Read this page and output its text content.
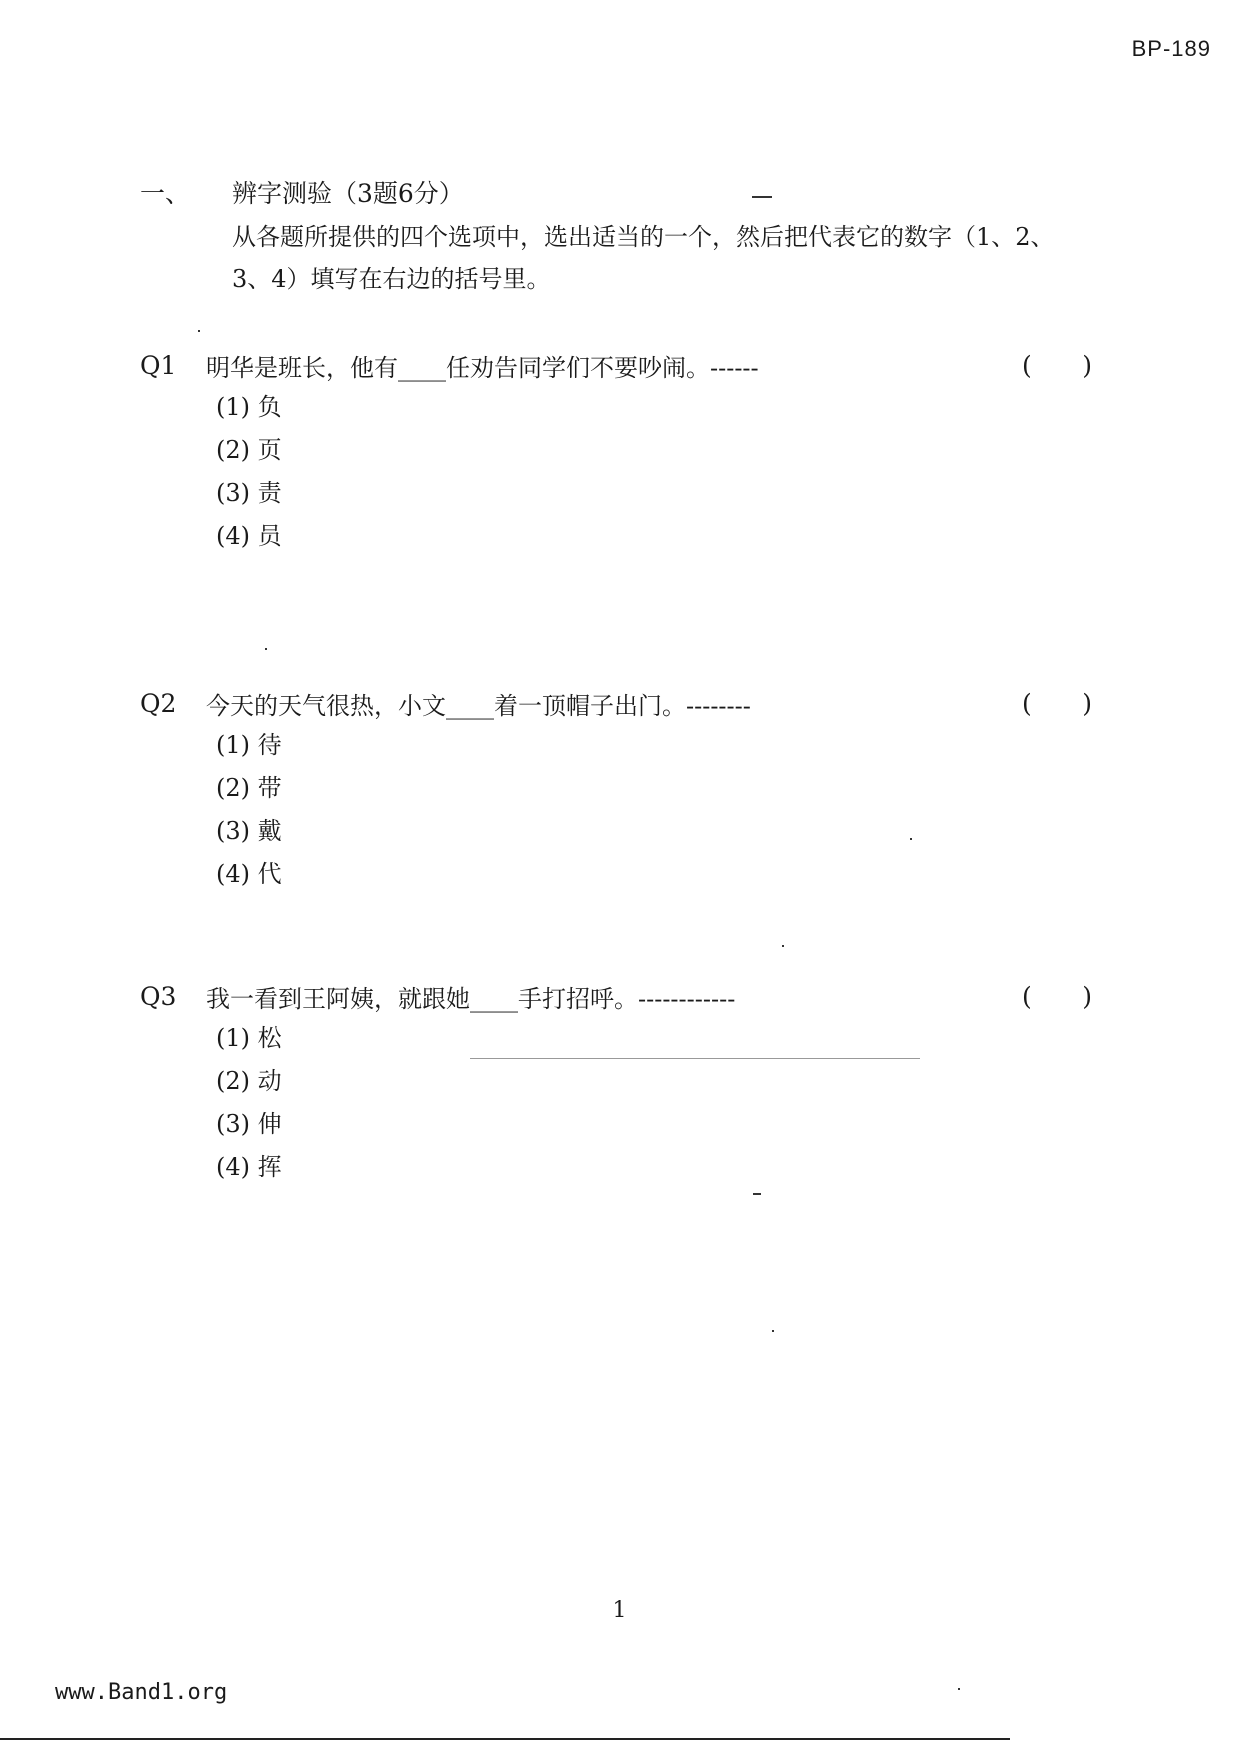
BP-189
一、	辨字测验（3题6分）
从各题所提供的四个选项中，选出适当的一个，然后把代表它的数字（1、2、3、4）填写在右边的括号里。
Q1	明华是班长，他有____任劝告同学们不要吵闹。------	( )
(1) 负
(2) 页
(3) 责
(4) 员
Q2	今天的天气很热，小文____着一顶帽子出门。--------	( )
(1) 待
(2) 带
(3) 戴
(4) 代
Q3	我一看到王阿姨，就跟她____手打招呼。------------	( )
(1) 松
(2) 动
(3) 伸
(4) 挥
1
www.Band1.org
